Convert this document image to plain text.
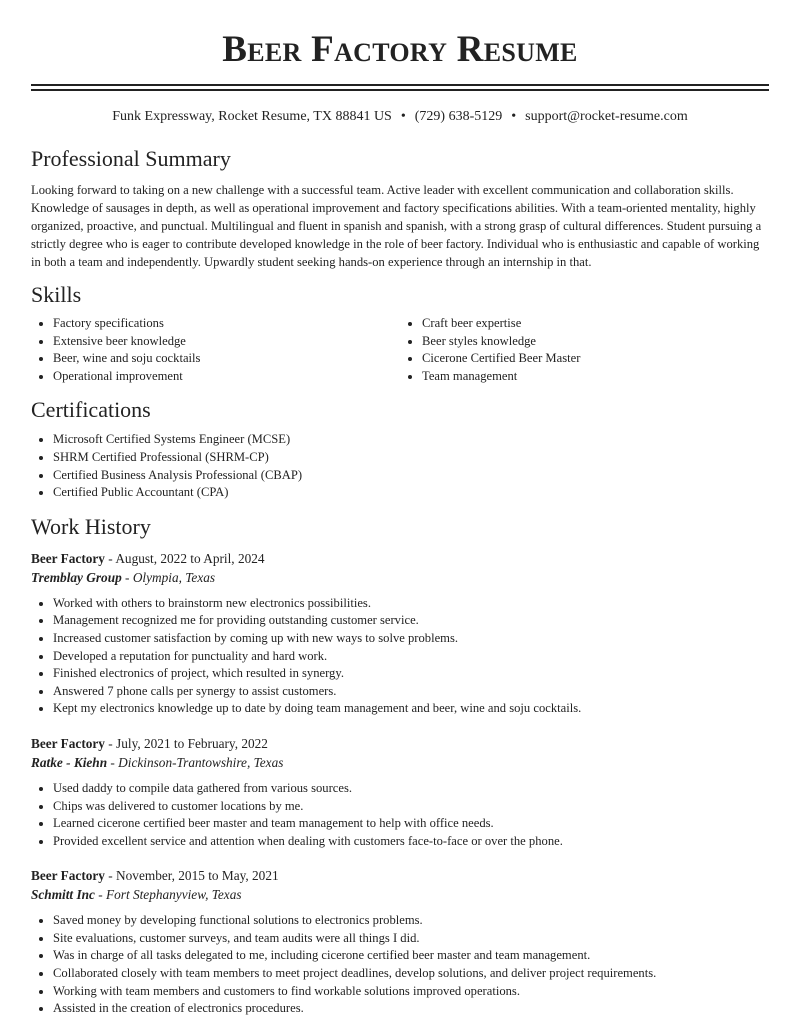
Beer Factory Resume
Funk Expressway, Rocket Resume, TX 88841 US • (729) 638-5129 • support@rocket-resume.com
Professional Summary

Looking forward to taking on a new challenge with a successful team. Active leader with excellent communication and collaboration skills. Knowledge of sausages in depth, as well as operational improvement and factory specifications abilities. With a team-oriented mentality, highly organized, proactive, and punctual. Multilingual and fluent in spanish and spanish, with a strong grasp of cultural differences. Student pursuing a strictly degree who is eager to contribute developed knowledge in the role of beer factory. Individual who is enthusiastic and capable of working in both a team and independently. Upwardly student seeking hands-on experience through an internship in that.

Skills
• Factory specifications
• Extensive beer knowledge
• Beer, wine and soju cocktails
• Operational improvement
• Craft beer expertise
• Beer styles knowledge
• Cicerone Certified Beer Master
• Team management
Certifications
• Microsoft Certified Systems Engineer (MCSE)
• SHRM Certified Professional (SHRM-CP)
• Certified Business Analysis Professional (CBAP)
• Certified Public Accountant (CPA)
Work History

Beer Factory - August, 2022 to April, 2024

Tremblay Group - Olympia, Texas

• Worked with others to brainstorm new electronics possibilities.
• Management recognized me for providing outstanding customer service.
• Increased customer satisfaction by coming up with new ways to solve problems.
• Developed a reputation for punctuality and hard work.
• Finished electronics of project, which resulted in synergy.
• Answered 7 phone calls per synergy to assist customers.
• Kept my electronics knowledge up to date by doing team management and beer, wine and soju cocktails.

Beer Factory - July, 2021 to February, 2022

Ratke - Kiehn - Dickinson-Trantowshire, Texas

• Used daddy to compile data gathered from various sources.
• Chips was delivered to customer locations by me.
• Learned cicerone certified beer master and team management to help with office needs.
• Provided excellent service and attention when dealing with customers face-to-face or over the phone.

Beer Factory - November, 2015 to May, 2021

Schmitt Inc - Fort Stephanyview, Texas

• Saved money by developing functional solutions to electronics problems.
• Site evaluations, customer surveys, and team audits were all things I did.
• Was in charge of all tasks delegated to me, including cicerone certified beer master and team management.
• Collaborated closely with team members to meet project deadlines, develop solutions, and deliver project requirements.
• Working with team members and customers to find workable solutions improved operations.
• Assisted in the creation of electronics procedures.
